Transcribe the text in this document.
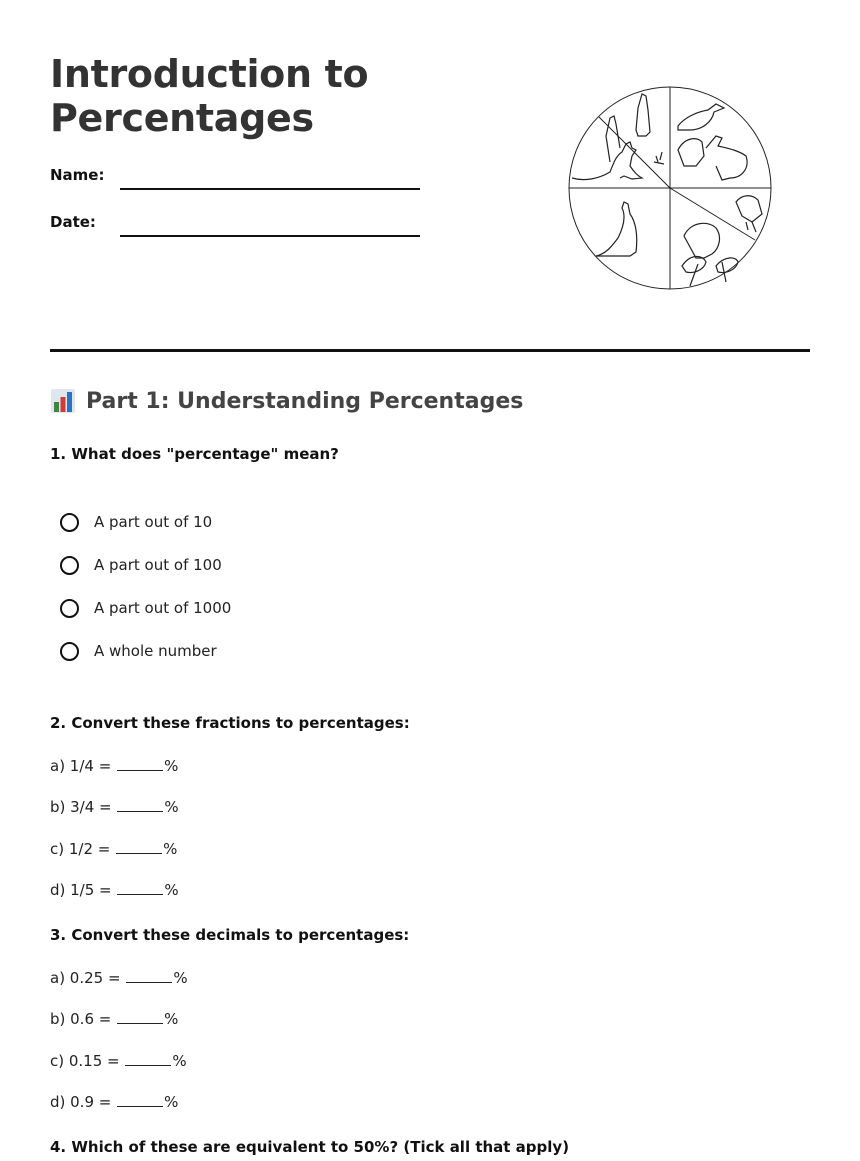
Introduction to
Percentages
Name:
Date:
Part 1: Understanding Percentages
1. What does "percentage" mean?
A part out of 10
A part out of 100
A part out of 1000
A whole number
2. Convert these fractions to percentages:
a) 1/4 =	%
b) 3/4 =	%
c) 1/2 =	%
d) 1/5 =	%
3. Convert these decimals to percentages:
a) 0.25 =	%
b) 0.6 =	%
c) 0.15 =	%
d) 0.9 =	%
4. Which of these are equivalent to 50%? (Tick all that apply)
